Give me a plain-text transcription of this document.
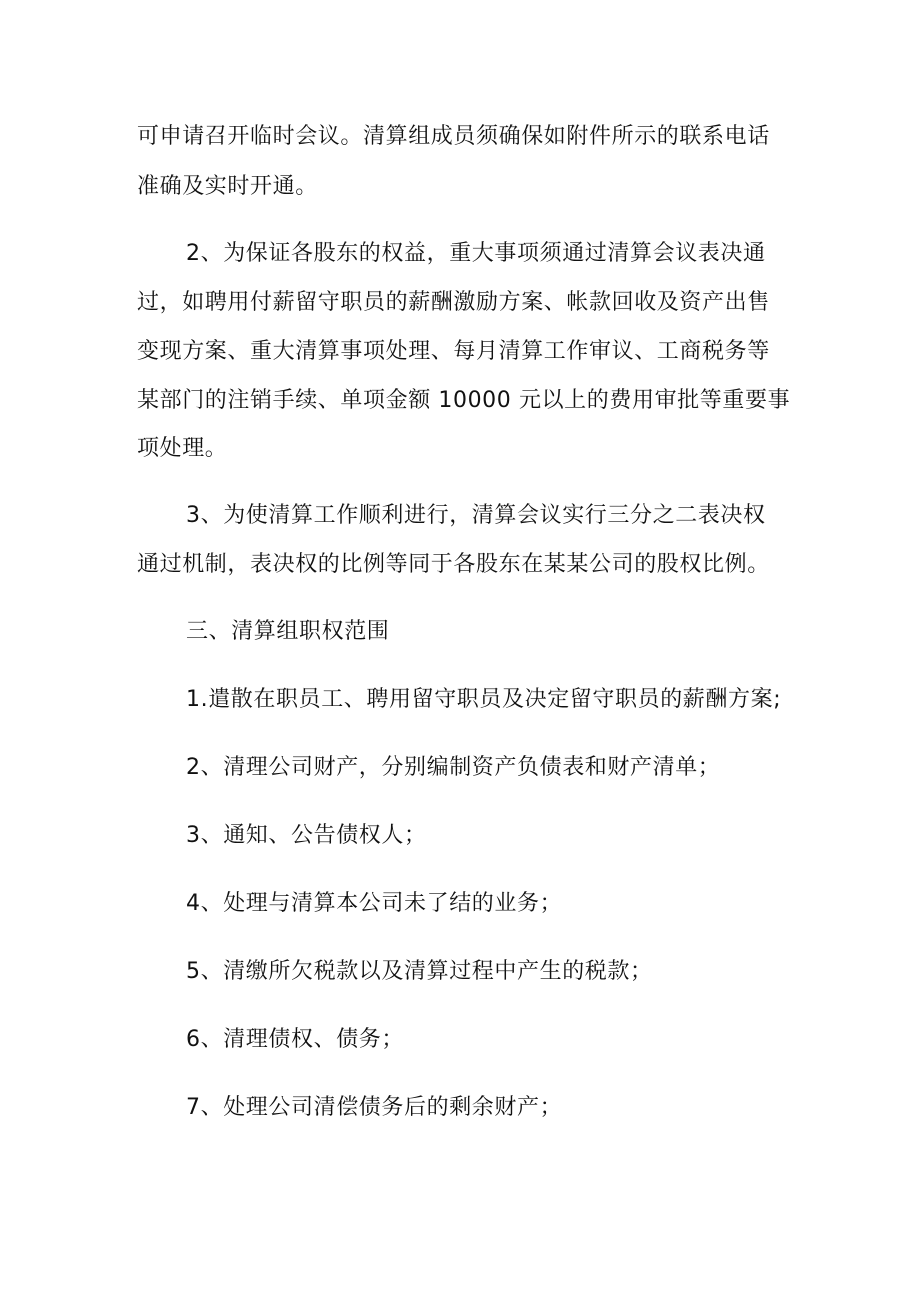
可申请召开临时会议。清算组成员须确保如附件所示的联系电话
准确及实时开通。
2、为保证各股东的权益，重大事项须通过清算会议表决通
过，如聘用付薪留守职员的薪酬激励方案、帐款回收及资产出售
变现方案、重大清算事项处理、每月清算工作审议、工商税务等
某部门的注销手续、单项金额 10000 元以上的费用审批等重要事
项处理。
3、为使清算工作顺利进行，清算会议实行三分之二表决权
通过机制，表决权的比例等同于各股东在某某公司的股权比例。
三、清算组职权范围
1.遣散在职员工、聘用留守职员及决定留守职员的薪酬方案;
2、清理公司财产，分别编制资产负债表和财产清单；
3、通知、公告债权人；
4、处理与清算本公司未了结的业务；
5、清缴所欠税款以及清算过程中产生的税款；
6、清理债权、债务；
7、处理公司清偿债务后的剩余财产；
